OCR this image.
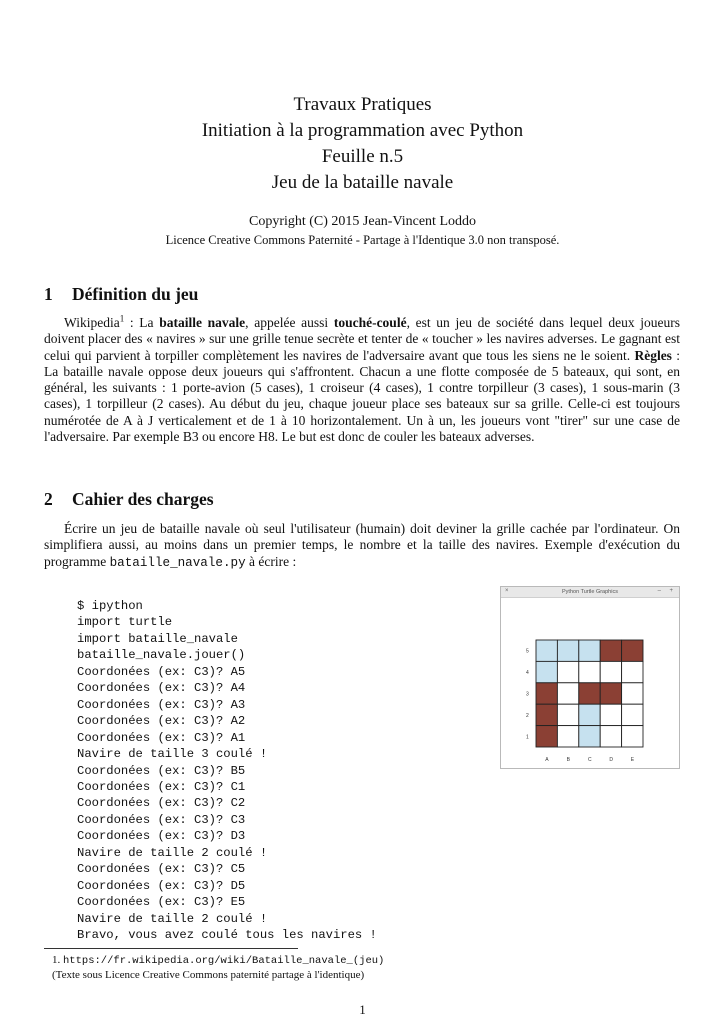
Travaux Pratiques
Initiation à la programmation avec Python
Feuille n.5
Jeu de la bataille navale
Copyright (C) 2015 Jean-Vincent Loddo
Licence Creative Commons Paternité - Partage à l'Identique 3.0 non transposé.
1 Définition du jeu
Wikipedia$^1$ : La bataille navale, appelée aussi touché-coulé, est un jeu de société dans lequel deux joueurs doivent placer des « navires » sur une grille tenue secrète et tenter de « toucher » les navires adverses. Le gagnant est celui qui parvient à torpiller complètement les navires de l'adversaire avant que tous les siens ne le soient. Règles : La bataille navale oppose deux joueurs qui s'affrontent. Chacun a une flotte composée de 5 bateaux, qui sont, en général, les suivants : 1 porte-avion (5 cases), 1 croiseur (4 cases), 1 contre torpilleur (3 cases), 1 sous-marin (3 cases), 1 torpilleur (2 cases). Au début du jeu, chaque joueur place ses bateaux sur sa grille. Celle-ci est toujours numérotée de A à J verticalement et de 1 à 10 horizontalement. Un à un, les joueurs vont "tirer" sur une case de l'adversaire. Par exemple B3 ou encore H8. Le but est donc de couler les bateaux adverses.
2 Cahier des charges
Écrire un jeu de bataille navale où seul l'utilisateur (humain) doit deviner la grille cachée par l'ordinateur. On simplifiera aussi, au moins dans un premier temps, le nombre et la taille des navires. Exemple d'exécution du programme bataille_navale.py à écrire :
$ ipython
import turtle
import bataille_navale
bataille_navale.jouer()
Coordonées (ex: C3)? A5
Coordonées (ex: C3)? A4
Coordonées (ex: C3)? A3
Coordonées (ex: C3)? A2
Coordonées (ex: C3)? A1
Navire de taille 3 coulé !
Coordonées (ex: C3)? B5
Coordonées (ex: C3)? C1
Coordonées (ex: C3)? C2
Coordonées (ex: C3)? C3
Coordonées (ex: C3)? D3
Navire de taille 2 coulé !
Coordonées (ex: C3)? C5
Coordonées (ex: C3)? D5
Coordonées (ex: C3)? E5
Navire de taille 2 coulé !
Bravo, vous avez coulé tous les navires !
×	Python Turtle Graphics	– +
5
4
3
2
1
A	B	C	D	E
1. https://fr.wikipedia.org/wiki/Bataille_navale_(jeu)
(Texte sous Licence Creative Commons paternité partage à l'identique)
1
